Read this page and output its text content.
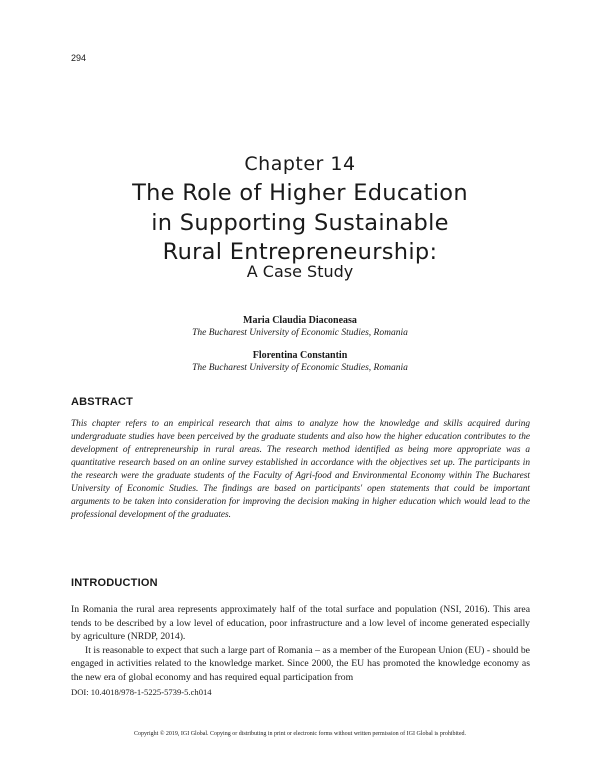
294
Chapter 14
The Role of Higher Education
in Supporting Sustainable
Rural Entrepreneurship:
A Case Study
Maria Claudia Diaconeasa
The Bucharest University of Economic Studies, Romania
Florentina Constantin
The Bucharest University of Economic Studies, Romania
ABSTRACT
This chapter refers to an empirical research that aims to analyze how the knowledge and skills acquired during undergraduate studies have been perceived by the graduate students and also how the higher education contributes to the development of entrepreneurship in rural areas. The research method identified as being more appropriate was a quantitative research based on an online survey established in accordance with the objectives set up. The participants in the research were the graduate students of the Faculty of Agri-food and Environmental Economy within The Bucharest University of Economic Studies. The findings are based on participants' open statements that could be important arguments to be taken into consideration for improving the decision making in higher education which would lead to the professional development of the graduates.
INTRODUCTION

In Romania the rural area represents approximately half of the total surface and population (NSI, 2016). This area tends to be described by a low level of education, poor infrastructure and a low level of income generated especially by agriculture (NRDP, 2014).

It is reasonable to expect that such a large part of Romania – as a member of the European Union (EU) - should be engaged in activities related to the knowledge market. Since 2000, the EU has promoted the knowledge economy as the new era of global economy and has required equal participation from

DOI: 10.4018/978-1-5225-5739-5.ch014
Copyright © 2019, IGI Global. Copying or distributing in print or electronic forms without written permission of IGI Global is prohibited.
